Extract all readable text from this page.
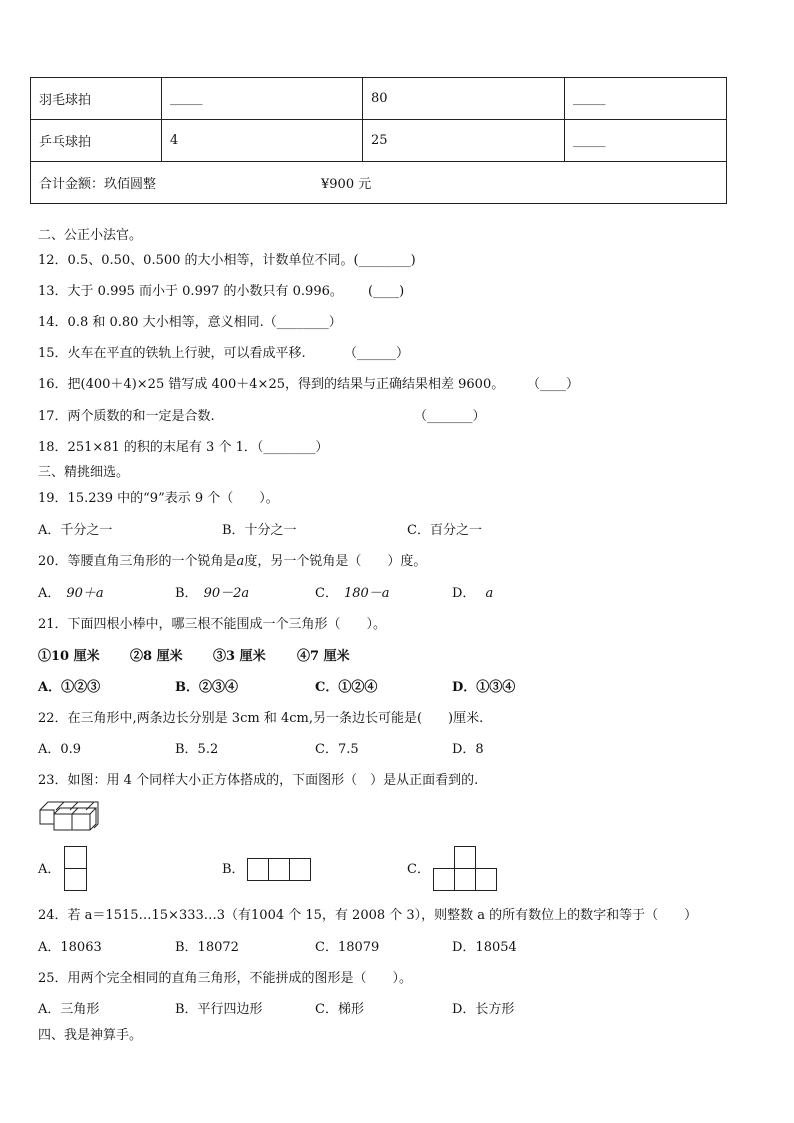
羽毛球拍	_____	80	_____
乒乓球拍	4	25	_____
合计金额：玖佰圆整 ¥900 元			
二、公正小法官。
12．0.5、0.50、0.500 的大小相等，计数单位不同。(________)
13．大于 0.995 而小于 0.997 的小数只有 0.996。 (____)
14．0.8 和 0.80 大小相等，意义相同.（________）
15．火车在平直的铁轨上行驶，可以看成平移.	（______）
16．把(400＋4)×25 错写成 400＋4×25，得到的结果与正确结果相差 9600。 （____）
17．两个质数的和一定是合数.	（_______）
18．251×81 的积的末尾有 3 个 1．（________）
三、精挑细选。
19．15.239 中的“9”表示 9 个（　　）。
A．千分之一	B．十分之一	C．百分之一
20．等腰直角三角形的一个锐角是a度，另一个锐角是（　　）度。
A． 90＋a	B． 90－2a	C． 180－a	D． a
21．下面四根小棒中，哪三根不能围成一个三角形（　　）。
①10 厘米 ②8 厘米 ③3 厘米 ④7 厘米
A．①②③	B．②③④	C．①②④	D．①③④
22．在三角形中,两条边长分别是 3cm 和 4cm,另一条边长可能是(　　)厘米.
A．0.9	B．5.2	C．7.5	D．8
23．如图：用 4 个同样大小正方体搭成的，下面图形（　）是从正面看到的.
A．	B．	C．
24．若 a＝1515…15×333…3（有1004 个 15，有 2008 个 3），则整数 a 的所有数位上的数字和等于（　　）
A．18063	B．18072	C．18079	D．18054
25．用两个完全相同的直角三角形，不能拼成的图形是（　　）。
A．三角形	B．平行四边形	C．梯形	D．长方形
四、我是神算手。
